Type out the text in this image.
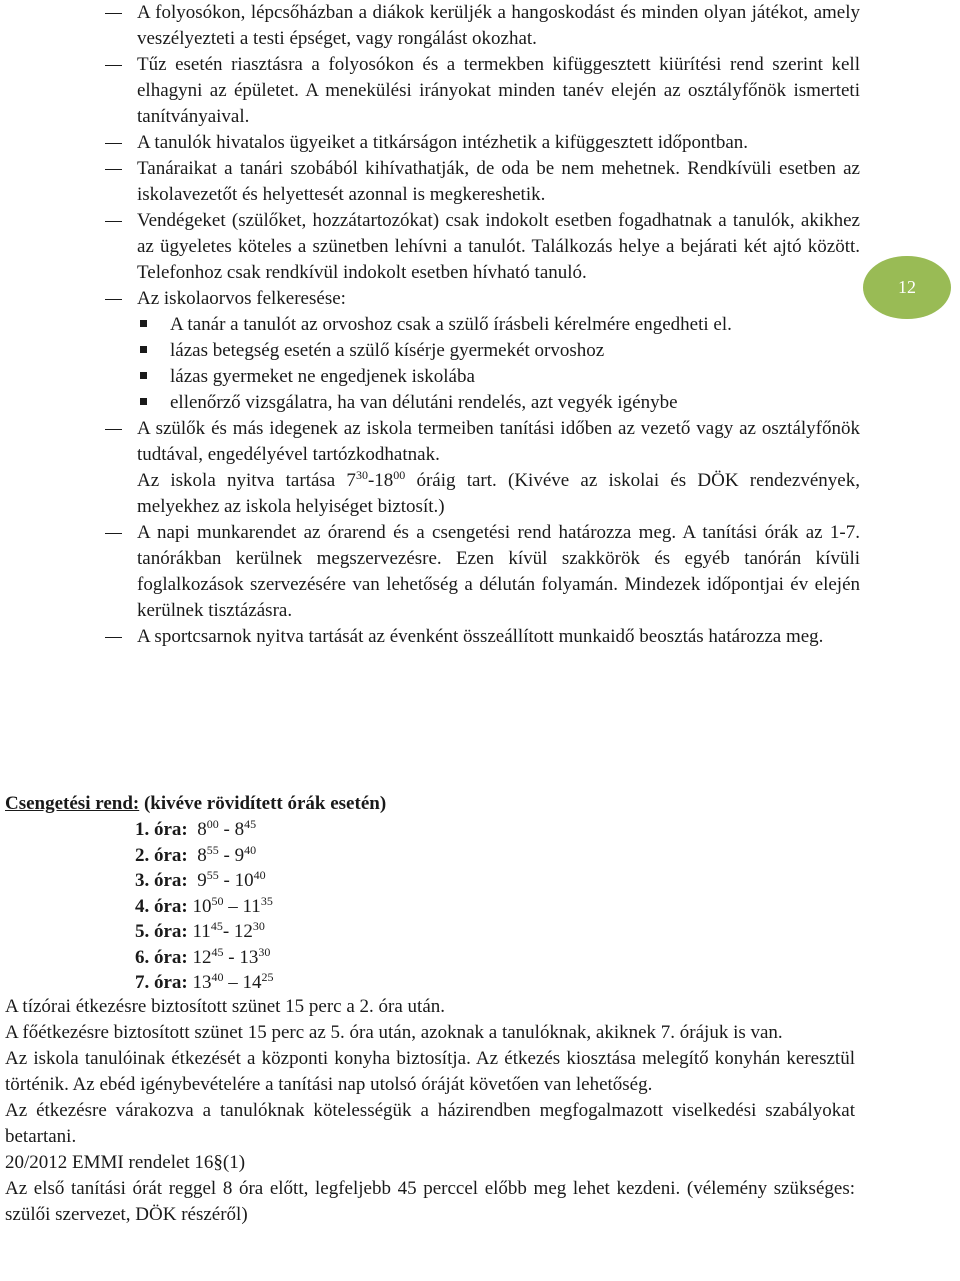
A folyosókon, lépcsőházban a diákok kerüljék a hangoskodást és minden olyan játékot, amely veszélyezteti a testi épséget, vagy rongálást okozhat.
Tűz esetén riasztásra a folyosókon és a termekben kifüggesztett kiürítési rend szerint kell elhagyni az épületet. A menekülési irányokat minden tanév elején az osztályfőnök ismerteti tanítványaival.
A tanulók hivatalos ügyeiket a titkárságon intézhetik a kifüggesztett időpontban.
Tanáraikat a tanári szobából kihívathatják, de oda be nem mehetnek. Rendkívüli esetben az iskolavezetőt és helyettesét azonnal is megkereshetik.
Vendégeket (szülőket, hozzátartozókat) csak indokolt esetben fogadhatnak a tanulók, akikhez az ügyeletes köteles a szünetben lehívni a tanulót. Találkozás helye a bejárati két ajtó között. Telefonhoz csak rendkívül indokolt esetben hívható tanuló.
Az iskolaorvos felkeresése:
A tanár a tanulót az orvoshoz csak a szülő írásbeli kérelmére engedheti el.
lázas betegség esetén a szülő kísérje gyermekét orvoshoz
lázas gyermeket ne engedjenek iskolába
ellenőrző vizsgálatra, ha van délutáni rendelés, azt vegyék igénybe
A szülők és más idegenek az iskola termeiben tanítási időben az vezető vagy az osztályfőnök tudtával, engedélyével tartózkodhatnak.
Az iskola nyitva tartása $7^{30}-18^{00}$ óráig tart. (Kivéve az iskolai és DÖK rendezvények, melyekhez az iskola helyiséget biztosít.)
A napi munkarendet az órarend és a csengetési rend határozza meg. A tanítási órák az 1-7. tanórákban kerülnek megszervezésre. Ezen kívül szakkörök és egyéb tanórán kívüli foglalkozások szervezésére van lehetőség a délután folyamán. Mindezek időpontjai év elején kerülnek tisztázásra.
A sportcsarnok nyitva tartását az évenként összeállított munkaidő beosztás határozza meg.
12
Csengetési rend: (kivéve rövidített órák esetén)
1. óra:  $8^{00} - 8^{45}$
2. óra:  $8^{55} - 9^{40}$
3. óra:  $9^{55} - 10^{40}$
4. óra: $10^{50} - 11^{35}$
5. óra: $11^{45}-$ $12^{30}$
6. óra: $12^{45} - 13^{30}$
7. óra: $13^{40} - 14^{25}$

A tízórai étkezésre biztosított szünet 15 perc a 2. óra után.

A főétkezésre biztosított szünet 15 perc az 5. óra után, azoknak a tanulóknak, akiknek 7. órájuk is van.

Az iskola tanulóinak étkezését a központi konyha biztosítja. Az étkezés kiosztása melegítő konyhán keresztül történik. Az ebéd igénybevételére a tanítási nap utolsó óráját követően van lehetőség.

Az étkezésre várakozva a tanulóknak kötelességük a házirendben megfogalmazott viselkedési szabályokat betartani.

20/2012 EMMI rendelet 16§(1)

Az első tanítási órát reggel 8 óra előtt, legfeljebb 45 perccel előbb meg lehet kezdeni. (vélemény szükséges: szülői szervezet, DÖK részéről)
